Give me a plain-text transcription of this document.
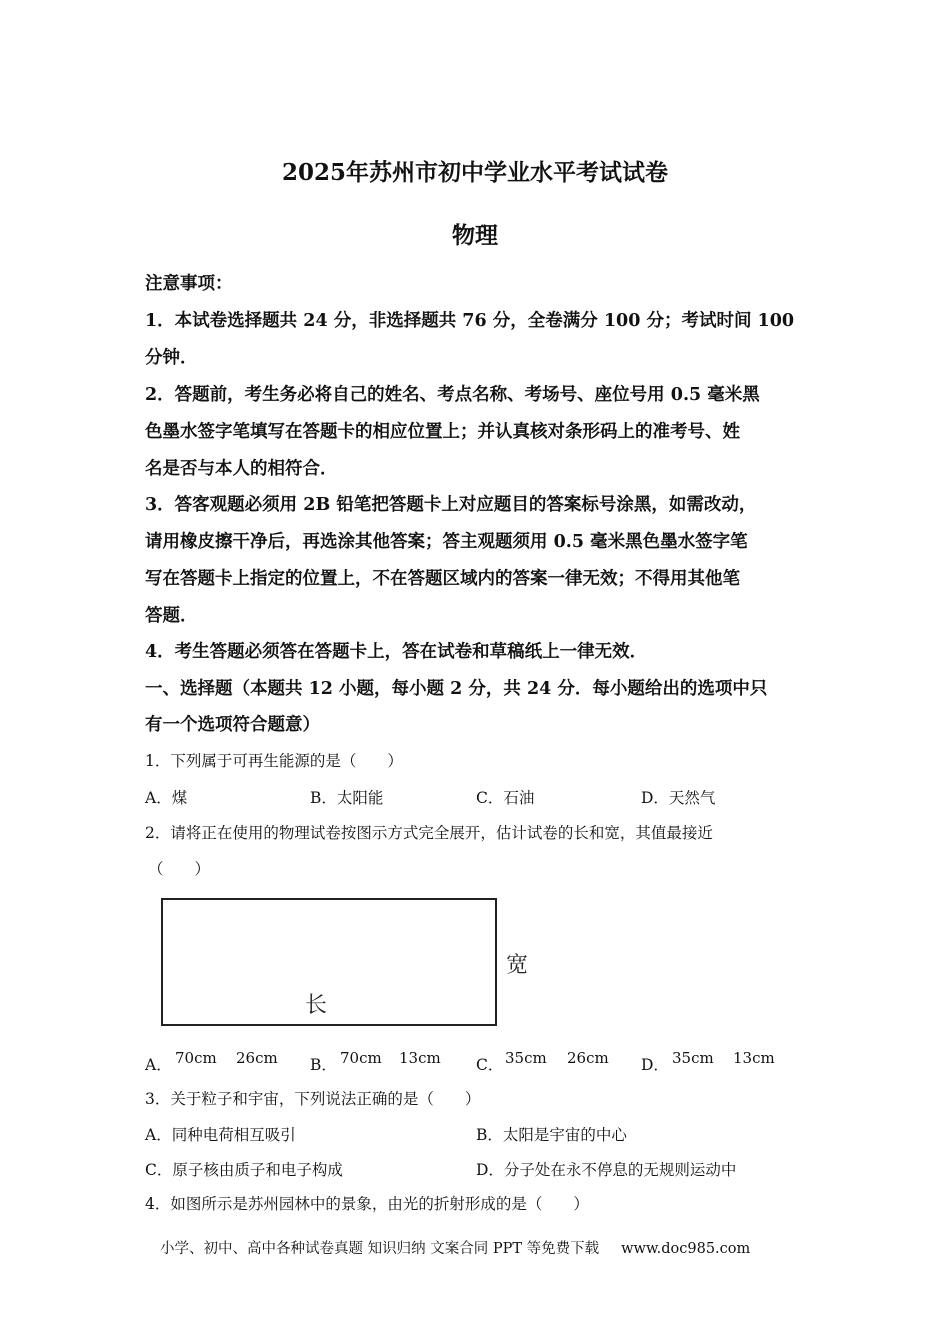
2025年苏州市初中学业水平考试试卷
物理
注意事项：
1．本试卷选择题共 24 分，非选择题共 76 分，全卷满分 100 分；考试时间 100
分钟．
2．答题前，考生务必将自己的姓名、考点名称、考场号、座位号用 0.5 毫米黑
色墨水签字笔填写在答题卡的相应位置上；并认真核对条形码上的准考号、姓
名是否与本人的相符合．
3．答客观题必须用 2B 铅笔把答题卡上对应题目的答案标号涂黑，如需改动，
请用橡皮擦干净后，再选涂其他答案；答主观题须用 0.5 毫米黑色墨水签字笔
写在答题卡上指定的位置上，不在答题区域内的答案一律无效；不得用其他笔
答题．
4．考生答题必须答在答题卡上，答在试卷和草稿纸上一律无效．
一、选择题（本题共 12 小题，每小题 2 分，共 24 分．每小题给出的选项中只
有一个选项符合题意）
1．下列属于可再生能源的是（　　）
A．煤	B．太阳能	C．石油	D．天然气
2．请将正在使用的物理试卷按图示方式完全展开，估计试卷的长和宽，其值最接近
（　　）
宽
长
A． 70cm 26cm B． 70cm 13cm C． 35cm 26cm D． 35cm 13cm
3．关于粒子和宇宙，下列说法正确的是（　　）
A．同种电荷相互吸引	B．太阳是宇宙的中心
C．原子核由质子和电子构成	D．分子处在永不停息的无规则运动中
4．如图所示是苏州园林中的景象，由光的折射形成的是（　　）
小学、初中、高中各种试卷真题 知识归纳 文案合同 PPT 等免费下载 www.doc985.com
